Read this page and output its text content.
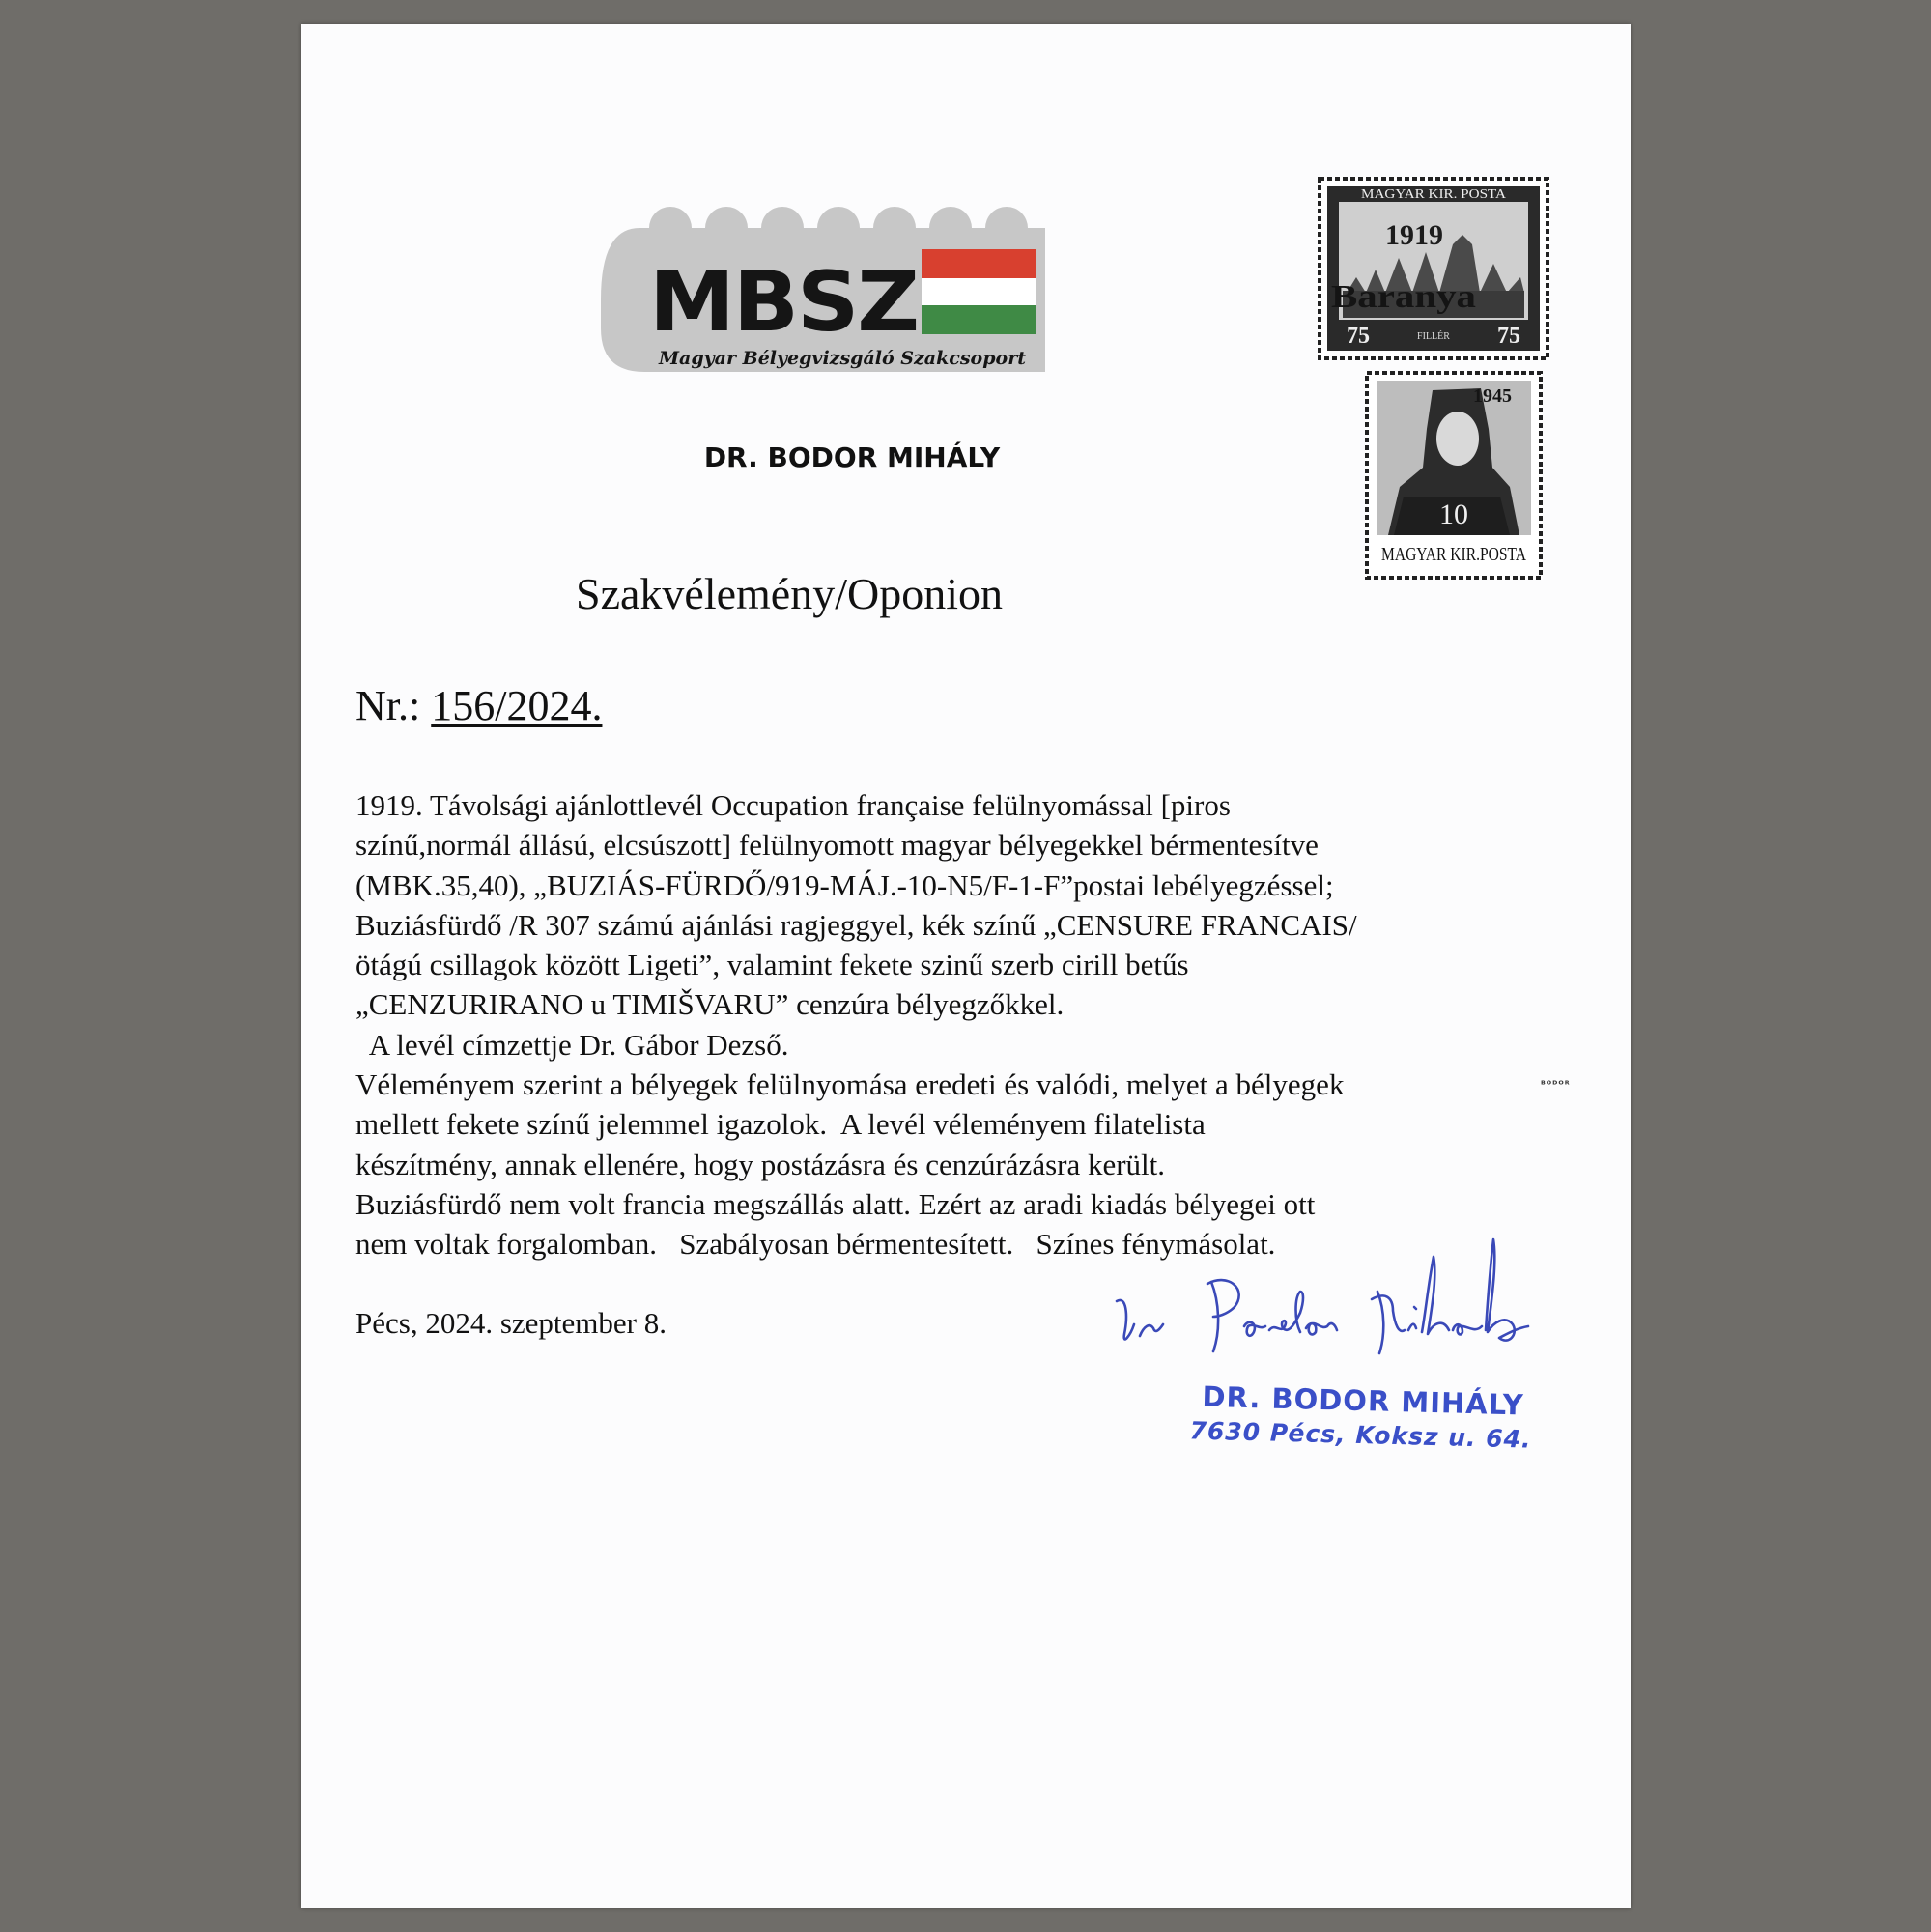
MBSZ
Magyar Bélyegvizsgáló Szakcsoport
DR. BODOR MIHÁLY
Szakvélemény/Oponion
Nr.: 156/2024.
1919. Távolsági ajánlottlevél Occupation française felülnyomással [piros
színű,normál állású, elcsúszott] felülnyomott magyar bélyegekkel bérmentesítve
(MBK.35,40), „BUZIÁS-FÜRDŐ/919-MÁJ.-10-N5/F-1-F”postai lebélyegzéssel;
Buziásfürdő /R 307 számú ajánlási ragjeggyel, kék színű „CENSURE FRANCAIS/
ötágú csillagok között Ligeti”, valamint fekete szinű szerb cirill betűs
„CENZURIRANO u TIMIŠVARU” cenzúra bélyegzőkkel.
A levél címzettje Dr. Gábor Dezső.
Véleményem szerint a bélyegek felülnyomása eredeti és valódi, melyet a bélyegek
mellett fekete színű jelemmel igazolok.  A levél véleményem filatelista
készítmény, annak ellenére, hogy postázásra és cenzúrázásra került.
Buziásfürdő nem volt francia megszállás alatt. Ezért az aradi kiadás bélyegei ott
nem voltak forgalomban.   Szabályosan bérmentesített.   Színes fénymásolat.
ᴮᴼᴰᴼᴿ
Pécs, 2024. szeptember 8.
DR. BODOR MIHÁLY
7630 Pécs, Koksz u. 64.
MAGYAR KIR. POSTA
1919
Baranya
75	75
FILLÉR
1945
10
MAGYAR KIR.POSTA
